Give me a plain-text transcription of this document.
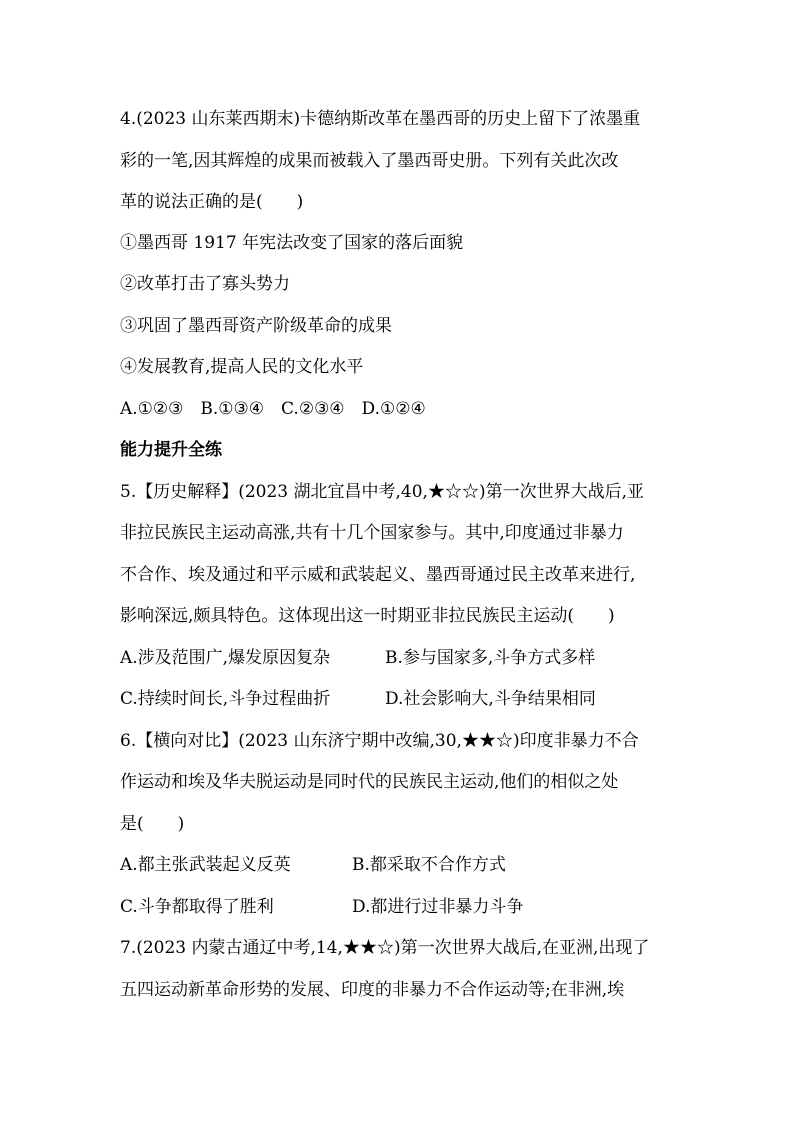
4.(2023 山东莱西期末)卡德纳斯改革在墨西哥的历史上留下了浓墨重
彩的一笔,因其辉煌的成果而被载入了墨西哥史册。下列有关此次改
革的说法正确的是(　　)
①墨西哥 1917 年宪法改变了国家的落后面貌
②改革打击了寡头势力
③巩固了墨西哥资产阶级革命的成果
④发展教育,提高人民的文化水平
A.①②③　B.①③④　C.②③④　D.①②④
能力提升全练
5.【历史解释】(2023 湖北宜昌中考,40,★☆☆)第一次世界大战后,亚
非拉民族民主运动高涨,共有十几个国家参与。其中,印度通过非暴力
不合作、埃及通过和平示威和武装起义、墨西哥通过民主改革来进行,
影响深远,颇具特色。这体现出这一时期亚非拉民族民主运动(　　)
A.涉及范围广,爆发原因复杂	B.参与国家多,斗争方式多样
C.持续时间长,斗争过程曲折	D.社会影响大,斗争结果相同
6.【横向对比】(2023 山东济宁期中改编,30,★★☆)印度非暴力不合
作运动和埃及华夫脱运动是同时代的民族民主运动,他们的相似之处
是(　　)
A.都主张武装起义反英	B.都采取不合作方式
C.斗争都取得了胜利	D.都进行过非暴力斗争
7.(2023 内蒙古通辽中考,14,★★☆)第一次世界大战后,在亚洲,出现了
五四运动新革命形势的发展、印度的非暴力不合作运动等;在非洲,埃
